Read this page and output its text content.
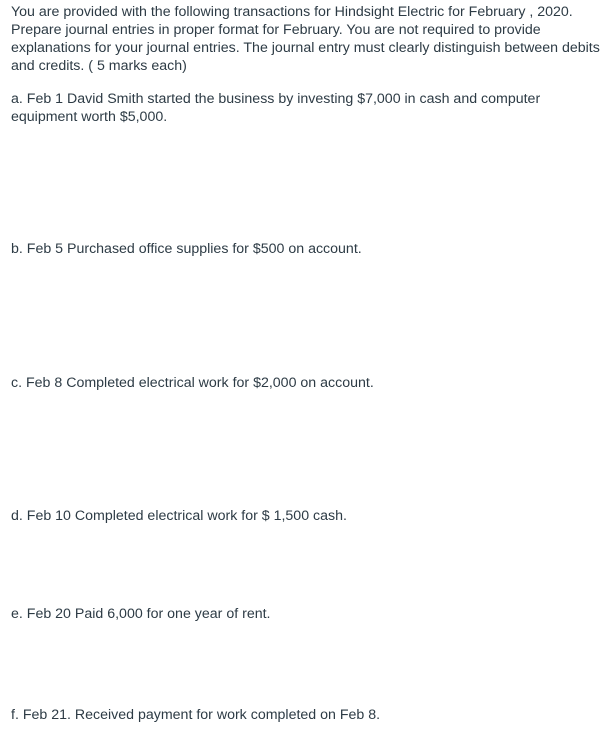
You are provided with the following transactions for Hindsight Electric for February , 2020. Prepare journal entries in proper format for February. You are not required to provide explanations for your journal entries. The journal entry must clearly distinguish between debits and credits. ( 5 marks each)

a. Feb 1 David Smith started the business by investing $7,000 in cash and computer equipment worth $5,000.

b. Feb 5 Purchased office supplies for $500 on account.

c. Feb 8 Completed electrical work for $2,000 on account.

d. Feb 10 Completed electrical work for $ 1,500 cash.

e. Feb 20 Paid 6,000 for one year of rent.

f. Feb 21. Received payment for work completed on Feb 8.
